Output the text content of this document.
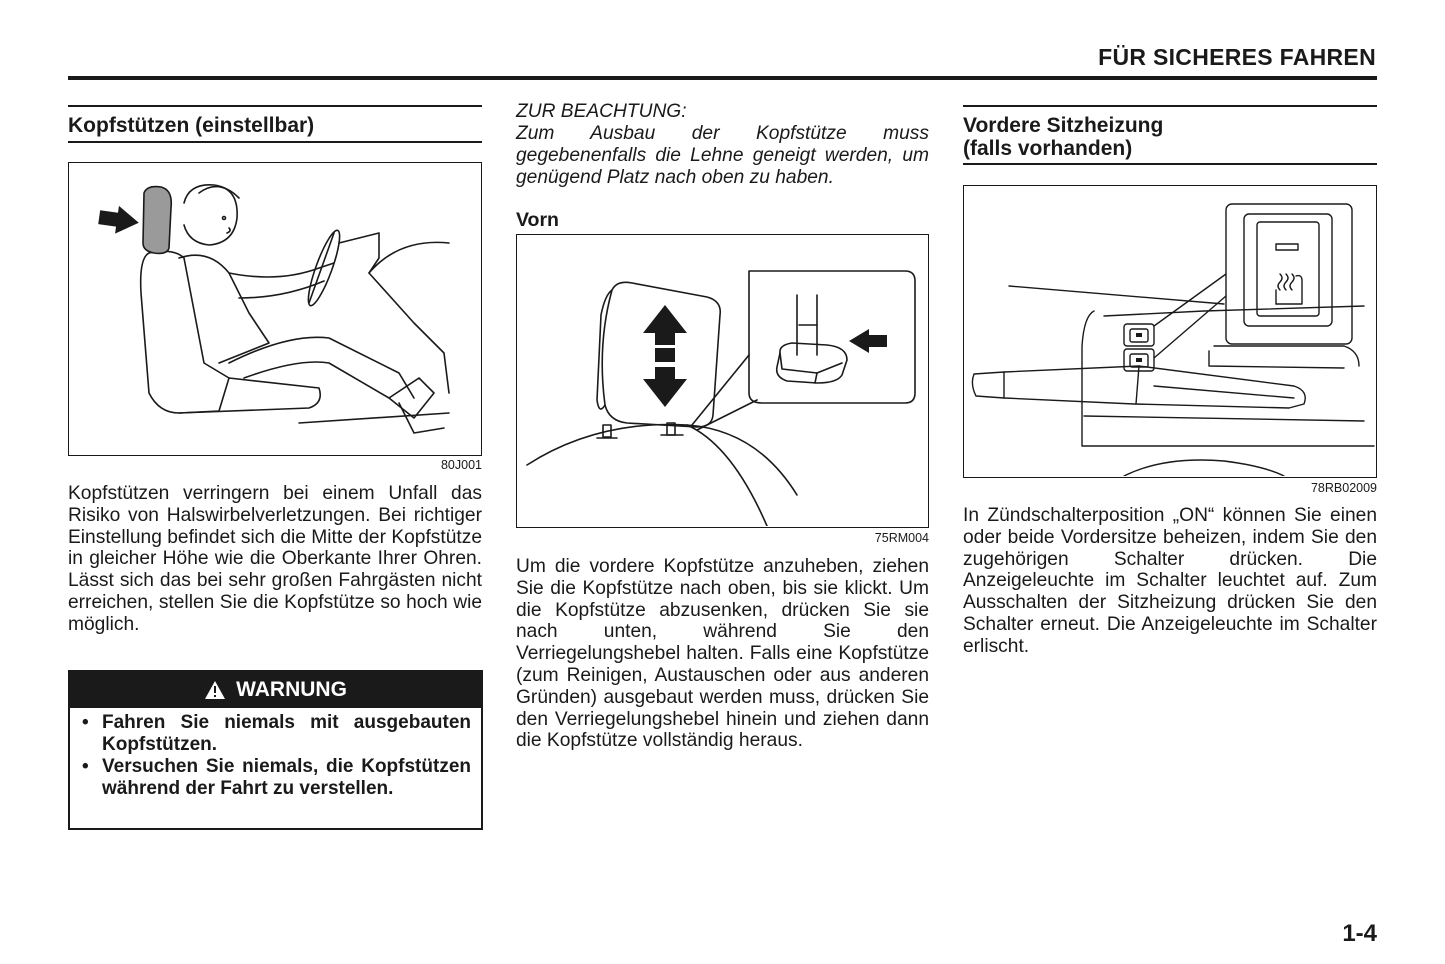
FÜR SICHERES FAHREN
Kopfstützen (einstellbar)
80J001
Kopfstützen verringern bei einem Unfall das Risiko von Halswirbelverletzungen. Bei richtiger Einstellung befindet sich die Mitte der Kopfstütze in gleicher Höhe wie die Oberkante Ihrer Ohren. Lässt sich das bei sehr großen Fahrgästen nicht erreichen, stellen Sie die Kopfstütze so hoch wie möglich.
WARNUNG
• Fahren Sie niemals mit ausgebauten Kopfstützen.
• Versuchen Sie niemals, die Kopfstützen während der Fahrt zu verstellen.
ZUR BEACHTUNG:
Zum Ausbau der Kopfstütze muss gegebenenfalls die Lehne geneigt werden, um genügend Platz nach oben zu haben.
Vorn
75RM004
Um die vordere Kopfstütze anzuheben, ziehen Sie die Kopfstütze nach oben, bis sie klickt. Um die Kopfstütze abzusenken, drücken Sie sie nach unten, während Sie den Verriegelungshebel halten. Falls eine Kopfstütze (zum Reinigen, Austauschen oder aus anderen Gründen) ausgebaut werden muss, drücken Sie den Verriegelungshebel hinein und ziehen dann die Kopfstütze vollständig heraus.
Vordere Sitzheizung
(falls vorhanden)
78RB02009
In Zündschalterposition „ON“ können Sie einen oder beide Vordersitze beheizen, indem Sie den zugehörigen Schalter drücken. Die Anzeigeleuchte im Schalter leuchtet auf. Zum Ausschalten der Sitzheizung drücken Sie den Schalter erneut. Die Anzeigeleuchte im Schalter erlischt.
1-4
